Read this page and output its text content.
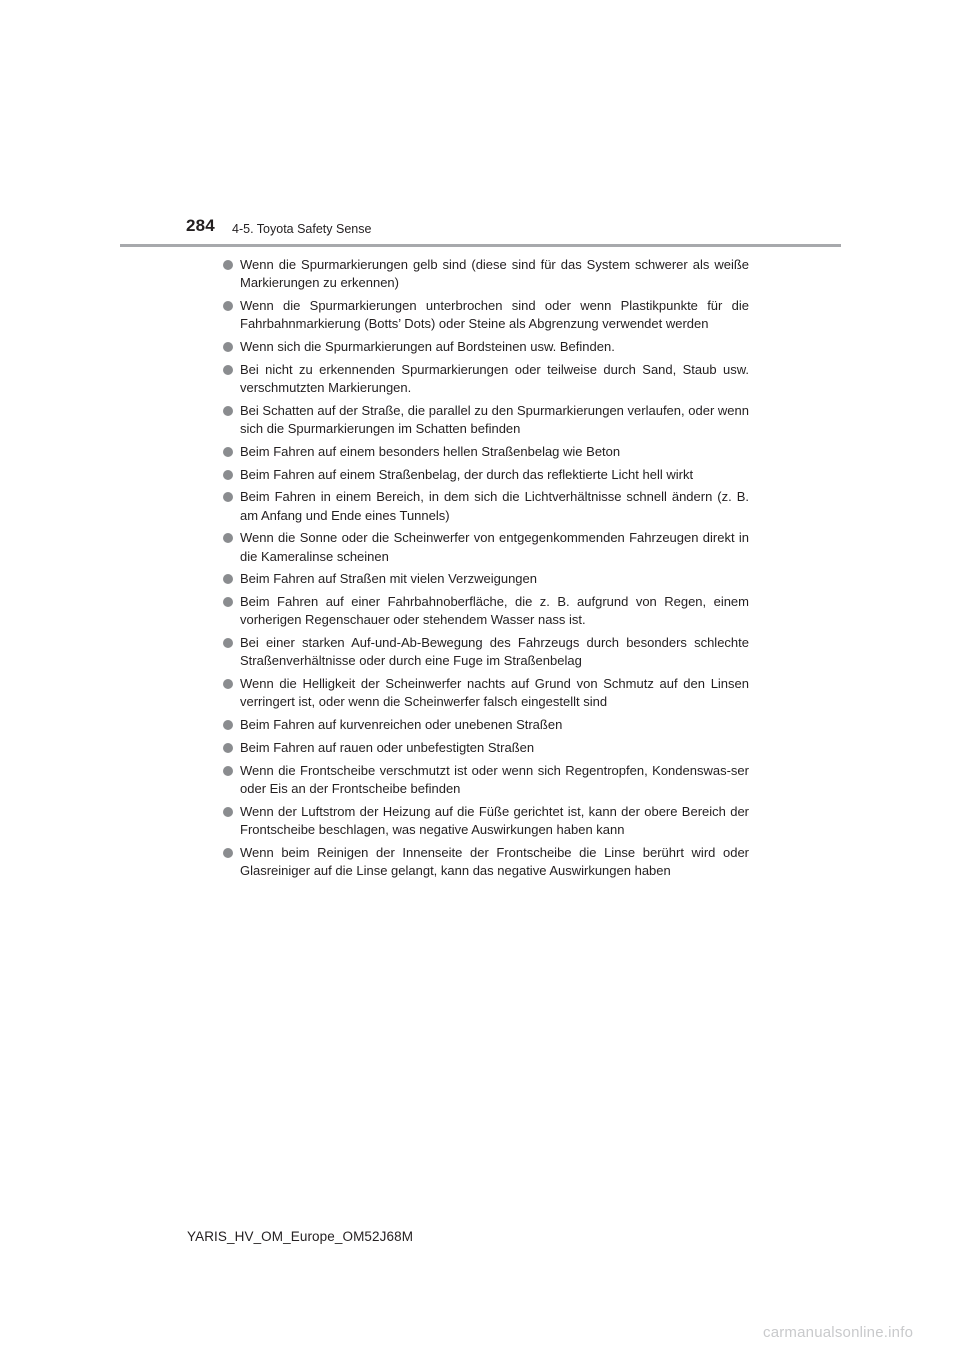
284 4-5. Toyota Safety Sense
Wenn die Spurmarkierungen gelb sind (diese sind für das System schwerer als weiße Markierungen zu erkennen)
Wenn die Spurmarkierungen unterbrochen sind oder wenn Plastikpunkte für die Fahrbahnmarkierung (Botts’ Dots) oder Steine als Abgrenzung verwendet werden
Wenn sich die Spurmarkierungen auf Bordsteinen usw. Befinden.
Bei nicht zu erkennenden Spurmarkierungen oder teilweise durch Sand, Staub usw. verschmutzten Markierungen.
Bei Schatten auf der Straße, die parallel zu den Spurmarkierungen verlaufen, oder wenn sich die Spurmarkierungen im Schatten befinden
Beim Fahren auf einem besonders hellen Straßenbelag wie Beton
Beim Fahren auf einem Straßenbelag, der durch das reflektierte Licht hell wirkt
Beim Fahren in einem Bereich, in dem sich die Lichtverhältnisse schnell ändern (z. B. am Anfang und Ende eines Tunnels)
Wenn die Sonne oder die Scheinwerfer von entgegenkommenden Fahrzeugen direkt in die Kameralinse scheinen
Beim Fahren auf Straßen mit vielen Verzweigungen
Beim Fahren auf einer Fahrbahnoberfläche, die z. B. aufgrund von Regen, einem vorherigen Regenschauer oder stehendem Wasser nass ist.
Bei einer starken Auf-und-Ab-Bewegung des Fahrzeugs durch besonders schlechte Straßenverhältnisse oder durch eine Fuge im Straßenbelag
Wenn die Helligkeit der Scheinwerfer nachts auf Grund von Schmutz auf den Linsen verringert ist, oder wenn die Scheinwerfer falsch eingestellt sind
Beim Fahren auf kurvenreichen oder unebenen Straßen
Beim Fahren auf rauen oder unbefestigten Straßen
Wenn die Frontscheibe verschmutzt ist oder wenn sich Regentropfen, Kondenswas-ser oder Eis an der Frontscheibe befinden
Wenn der Luftstrom der Heizung auf die Füße gerichtet ist, kann der obere Bereich der Frontscheibe beschlagen, was negative Auswirkungen haben kann
Wenn beim Reinigen der Innenseite der Frontscheibe die Linse berührt wird oder Glasreiniger auf die Linse gelangt, kann das negative Auswirkungen haben
YARIS_HV_OM_Europe_OM52J68M
carmanualsonline.info
